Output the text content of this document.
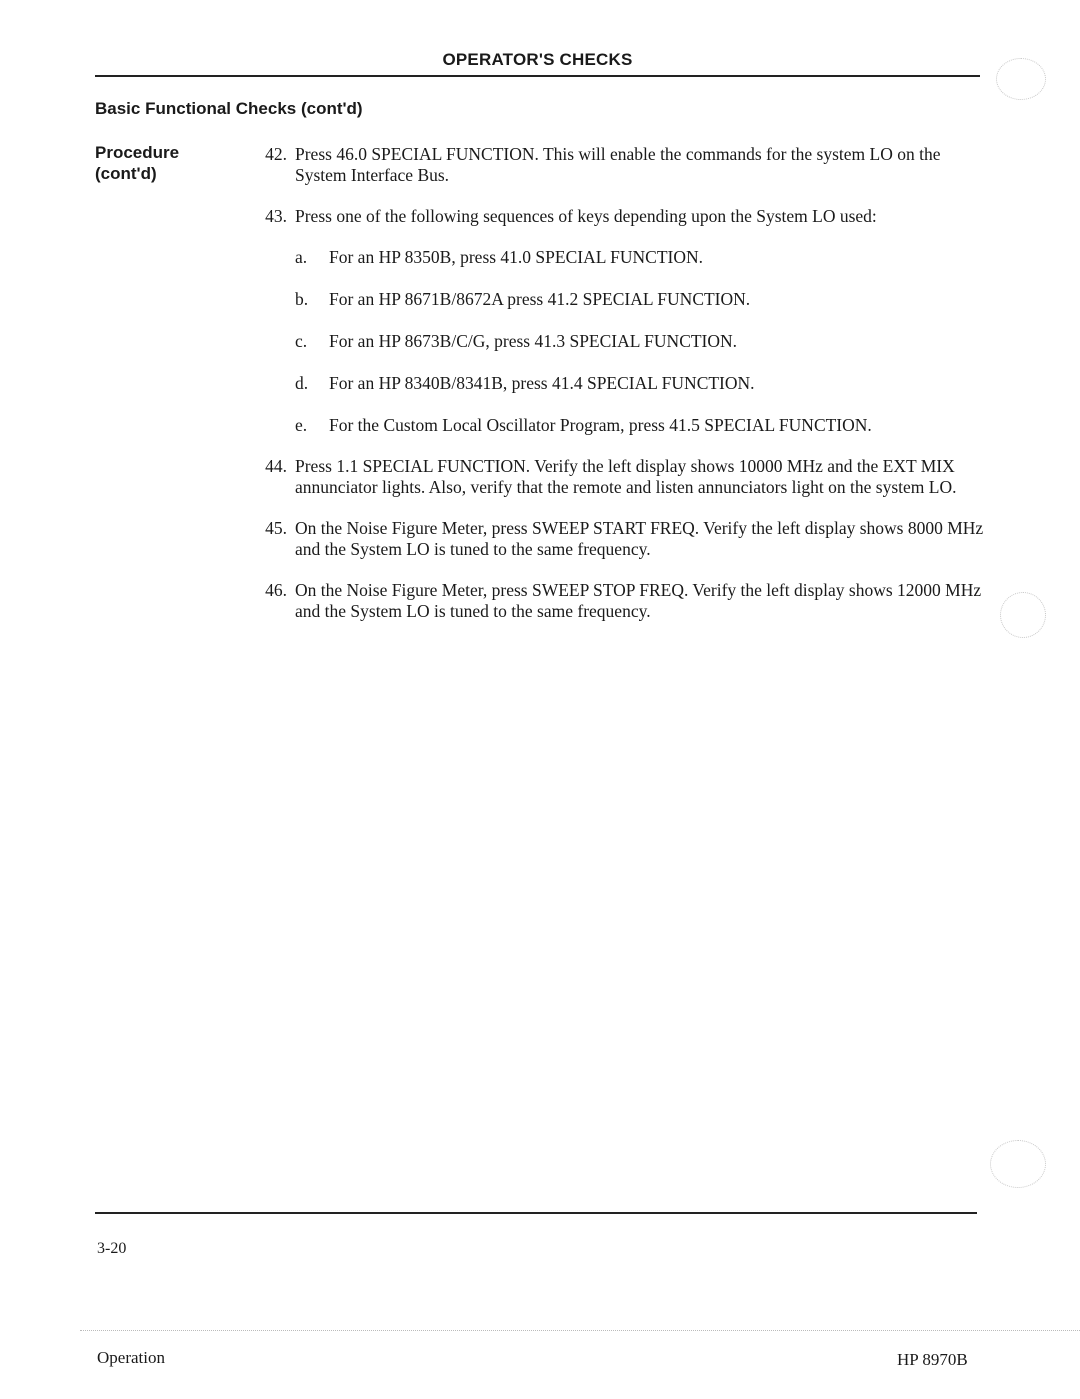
OPERATOR'S CHECKS
Basic Functional Checks (cont'd)
Procedure
(cont'd)
42. Press 46.0 SPECIAL FUNCTION. This will enable the commands for the system LO on the System Interface Bus.
43. Press one of the following sequences of keys depending upon the System LO used:
a.	For an HP 8350B, press 41.0 SPECIAL FUNCTION.
b.	For an HP 8671B/8672A press 41.2 SPECIAL FUNCTION.
c.	For an HP 8673B/C/G, press 41.3 SPECIAL FUNCTION.
d.	For an HP 8340B/8341B, press 41.4 SPECIAL FUNCTION.
e.	For the Custom Local Oscillator Program, press 41.5 SPECIAL FUNCTION.
44. Press 1.1 SPECIAL FUNCTION. Verify the left display shows 10000 MHz and the EXT MIX annunciator lights. Also, verify that the remote and listen annunciators light on the system LO.
45. On the Noise Figure Meter, press SWEEP START FREQ. Verify the left display shows 8000 MHz and the System LO is tuned to the same frequency.
46. On the Noise Figure Meter, press SWEEP STOP FREQ. Verify the left display shows 12000 MHz and the System LO is tuned to the same frequency.
3-20
Operation	HP 8970B
